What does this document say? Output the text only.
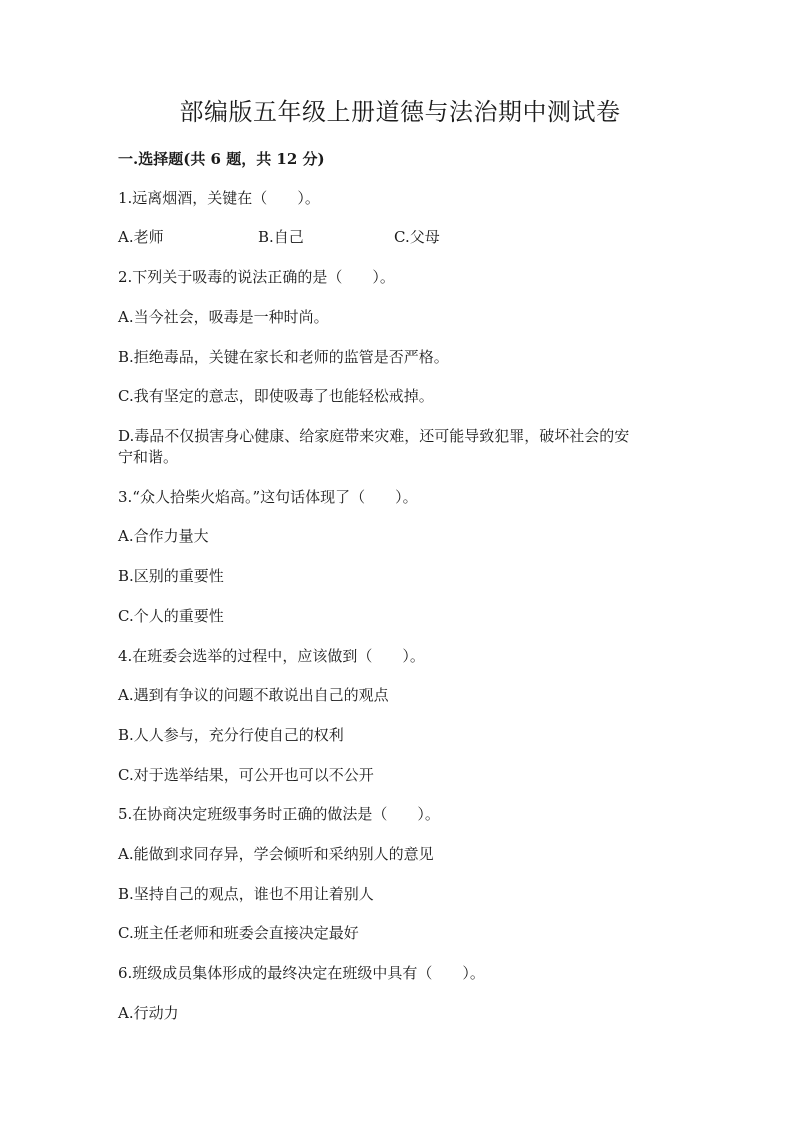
部编版五年级上册道德与法治期中测试卷
一.选择题(共 6 题，共 12 分)
1.远离烟酒，关键在（　　）。
A.老师	B.自己	C.父母
2.下列关于吸毒的说法正确的是（　　）。
A.当今社会，吸毒是一种时尚。
B.拒绝毒品，关键在家长和老师的监管是否严格。
C.我有坚定的意志，即使吸毒了也能轻松戒掉。
D.毒品不仅损害身心健康、给家庭带来灾难，还可能导致犯罪，破坏社会的安
宁和谐。
3.“众人拾柴火焰高。”这句话体现了（　　）。
A.合作力量大
B.区别的重要性
C.个人的重要性
4.在班委会选举的过程中，应该做到（　　）。
A.遇到有争议的问题不敢说出自己的观点
B.人人参与，充分行使自己的权利
C.对于选举结果，可公开也可以不公开
5.在协商决定班级事务时正确的做法是（　　）。
A.能做到求同存异，学会倾听和采纳别人的意见
B.坚持自己的观点，谁也不用让着别人
C.班主任老师和班委会直接决定最好
6.班级成员集体形成的最终决定在班级中具有（　　）。
A.行动力
